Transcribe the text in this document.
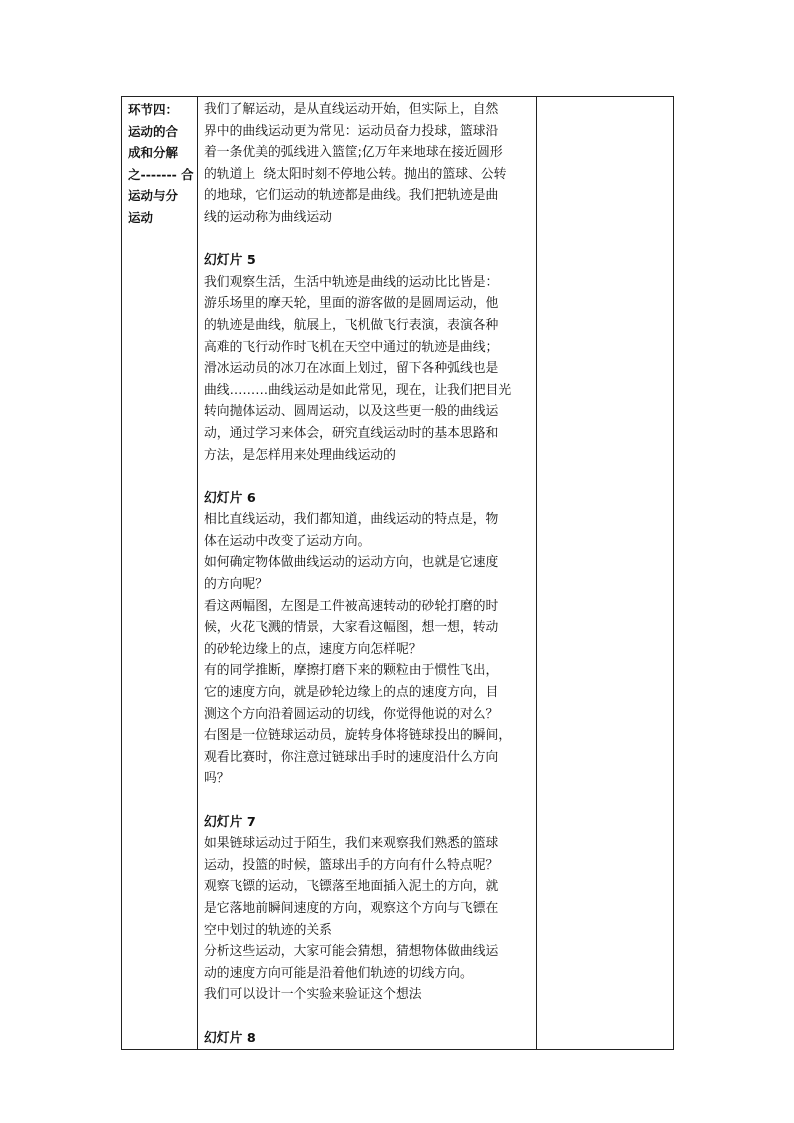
环节四：
运动的合
成和分解
之------- 合
运动与分
运动

我们了解运动，是从直线运动开始，但实际上，自然
界中的曲线运动更为常见：运动员奋力投球，篮球沿
着一条优美的弧线进入篮筐;亿万年来地球在接近圆形
的轨道上  绕太阳时刻不停地公转。抛出的篮球、公转
的地球，它们运动的轨迹都是曲线。我们把轨迹是曲
线的运动称为曲线运动

幻灯片 5

我们观察生活，生活中轨迹是曲线的运动比比皆是：
游乐场里的摩天轮，里面的游客做的是圆周运动，他
的轨迹是曲线，航展上，飞机做飞行表演，表演各种
高难的飞行动作时飞机在天空中通过的轨迹是曲线；
滑冰运动员的冰刀在冰面上划过，留下各种弧线也是
曲线………曲线运动是如此常见，现在，让我们把目光
转向抛体运动、圆周运动，以及这些更一般的曲线运
动，通过学习来体会，研究直线运动时的基本思路和
方法，是怎样用来处理曲线运动的

幻灯片 6

相比直线运动，我们都知道，曲线运动的特点是，物
体在运动中改变了运动方向。

如何确定物体做曲线运动的运动方向，也就是它速度
的方向呢？

看这两幅图，左图是工件被高速转动的砂轮打磨的时
候，火花飞溅的情景，大家看这幅图，想一想，转动
的砂轮边缘上的点，速度方向怎样呢？

有的同学推断，摩擦打磨下来的颗粒由于惯性飞出，
它的速度方向，就是砂轮边缘上的点的速度方向，目
测这个方向沿着圆运动的切线，你觉得他说的对么？

右图是一位链球运动员，旋转身体将链球投出的瞬间，
观看比赛时，你注意过链球出手时的速度沿什么方向
吗？

幻灯片 7

如果链球运动过于陌生，我们来观察我们熟悉的篮球
运动，投篮的时候，篮球出手的方向有什么特点呢？

观察飞镖的运动，飞镖落至地面插入泥土的方向，就
是它落地前瞬间速度的方向，观察这个方向与飞镖在
空中划过的轨迹的关系

分析这些运动，大家可能会猜想，猜想物体做曲线运
动的速度方向可能是沿着他们轨迹的切线方向。

我们可以设计一个实验来验证这个想法

幻灯片 8
